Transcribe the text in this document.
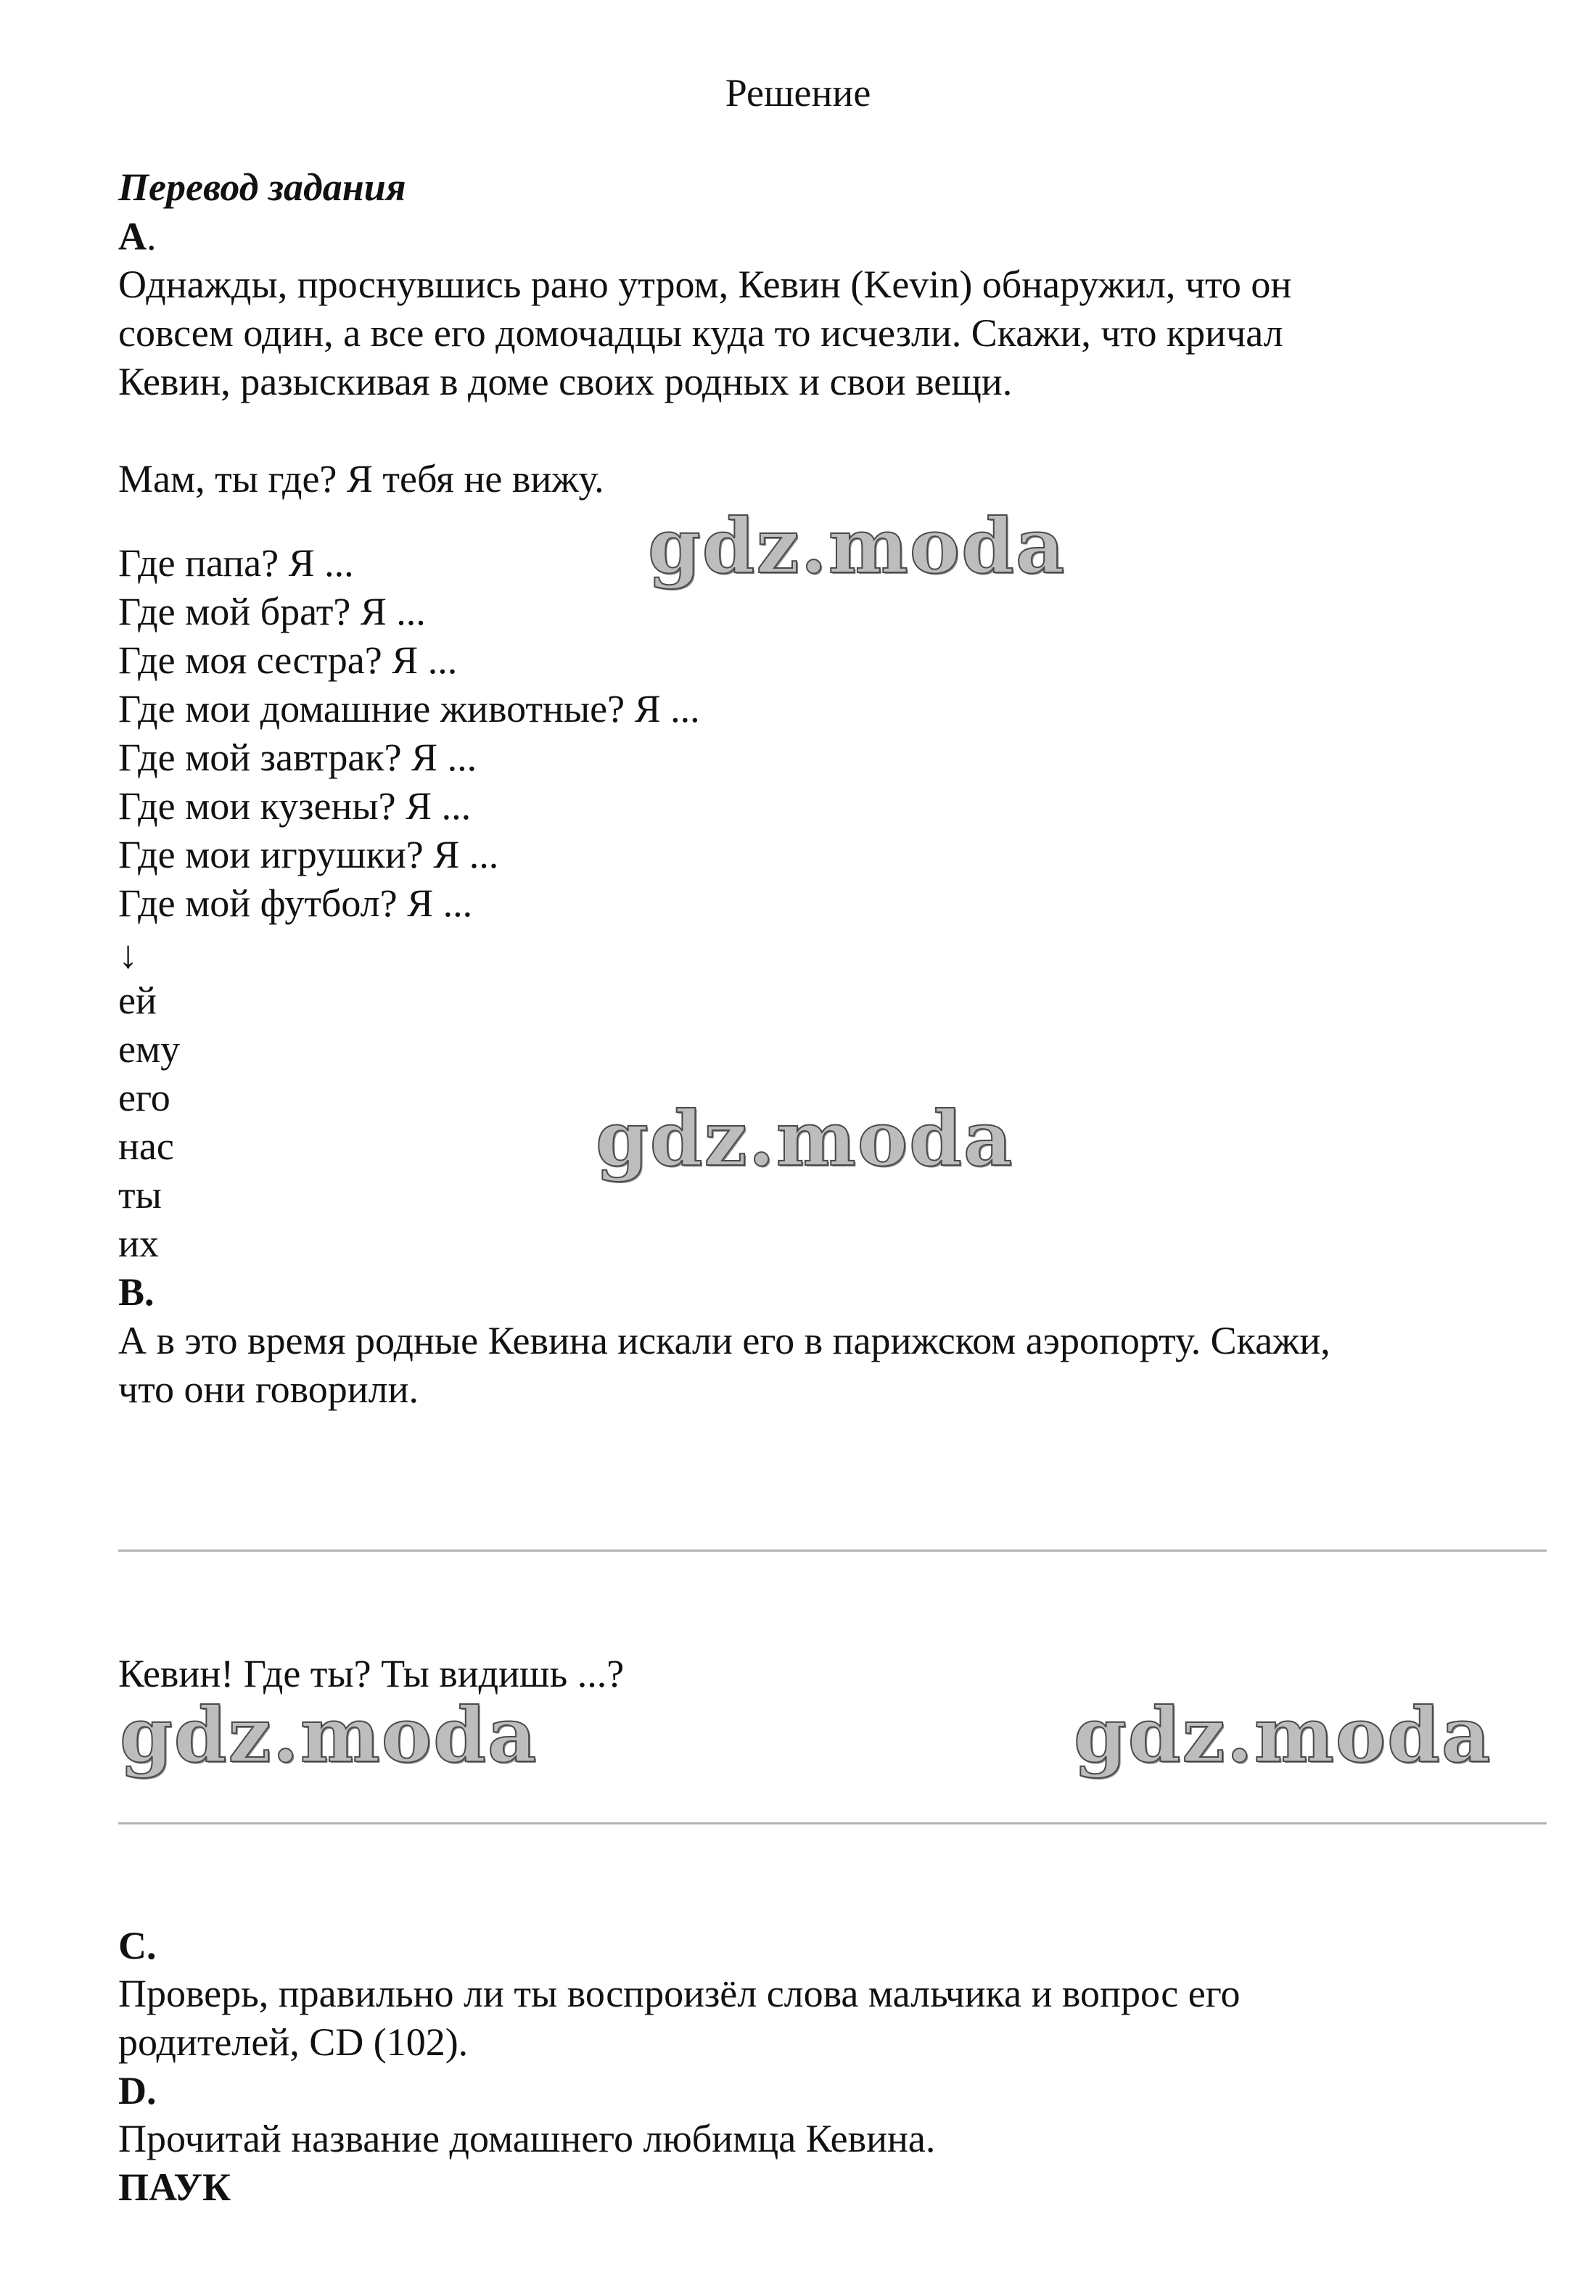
Решение
Перевод задания
A.
Однажды, проснувшись рано утром, Кевин (Kevin) обнаружил, что он
совсем один, а все его домочадцы куда то исчезли. Скажи, что кричал
Кевин, разыскивая в доме своих родных и свои вещи.
Мам, ты где? Я тебя не вижу.
Где папа? Я ...
Где мой брат? Я ...
Где моя сестра? Я ...
Где мои домашние животные? Я ...
Где мой завтрак? Я ...
Где мои кузены? Я ...
Где мои игрушки? Я ...
Где мой футбол? Я ...
↓
ей
ему
его
нас
ты
их
B.
А в это время родные Кевина искали его в парижском аэропорту. Скажи,
что они говорили.
Кевин! Где ты? Ты видишь ...?
C.
Проверь, правильно ли ты воспроизёл слова мальчика и вопрос его
родителей, CD (102).
D.
Прочитай название домашнего любимца Кевина.
ПАУК
gdz.moda
gdz.moda
gdz.moda	gdz.moda
